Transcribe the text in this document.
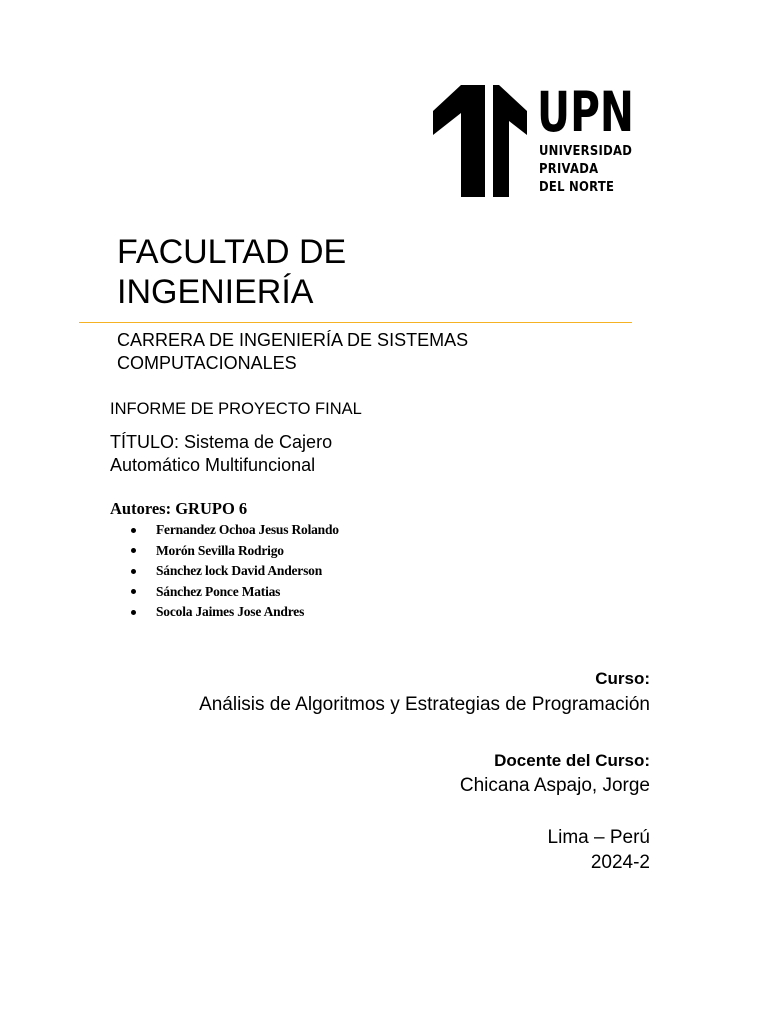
UPN
UNIVERSIDAD
PRIVADA
DEL NORTE
FACULTAD DE INGENIERÍA
CARRERA DE INGENIERÍA DE SISTEMAS COMPUTACIONALES
INFORME DE PROYECTO FINAL
TÍTULO: Sistema de Cajero Automático Multifuncional
Autores: GRUPO 6
Fernandez Ochoa Jesus Rolando
Morón Sevilla Rodrigo
Sánchez lock David Anderson
Sánchez Ponce Matias
Socola Jaimes Jose Andres
Curso:
Análisis de Algoritmos y Estrategias de Programación
Docente del Curso:
Chicana Aspajo, Jorge
Lima – Perú
2024-2
